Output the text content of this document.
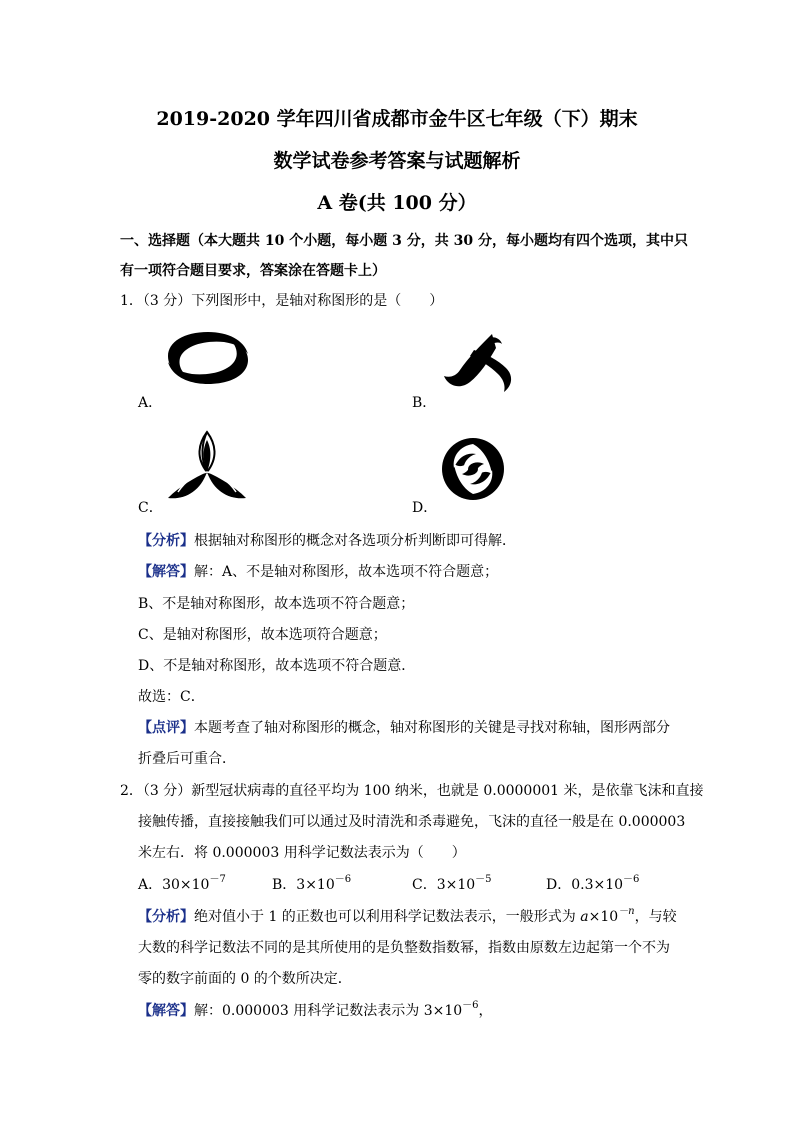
2019-2020 学年四川省成都市金牛区七年级（下）期末
数学试卷参考答案与试题解析
A 卷(共 100 分）
一、选择题（本大题共 10 个小题，每小题 3 分，共 30 分，每小题均有四个选项，其中只
有一项符合题目要求，答案涂在答题卡上）
1．（3 分）下列图形中，是轴对称图形的是（　　）
A．	B．
C．	D．
【分析】根据轴对称图形的概念对各选项分析判断即可得解．
【解答】解：A、不是轴对称图形，故本选项不符合题意；
B、不是轴对称图形，故本选项不符合题意；
C、是轴对称图形，故本选项符合题意；
D、不是轴对称图形，故本选项不符合题意．
故选：C．
【点评】本题考查了轴对称图形的概念，轴对称图形的关键是寻找对称轴，图形两部分
折叠后可重合．
2．（3 分）新型冠状病毒的直径平均为 100 纳米，也就是 0.0000001 米，是依靠飞沫和直接
接触传播，直接接触我们可以通过及时清洗和杀毒避免，飞沫的直径一般是在 0.000003
米左右．将 0.000003 用科学记数法表示为（　　）
A．$30\times 10^{-7}$	B．$3\times 10^{-6}$	C．$3\times 10^{-5}$	D．$0.3\times 10^{-6}$
【分析】绝对值小于 1 的正数也可以利用科学记数法表示，一般形式为 $a\times 10^{-n}$，与较
大数的科学记数法不同的是其所使用的是负整数指数幂，指数由原数左边起第一个不为
零的数字前面的 0 的个数所决定．
【解答】解：0.000003 用科学记数法表示为 $3\times 10^{-6}$，
